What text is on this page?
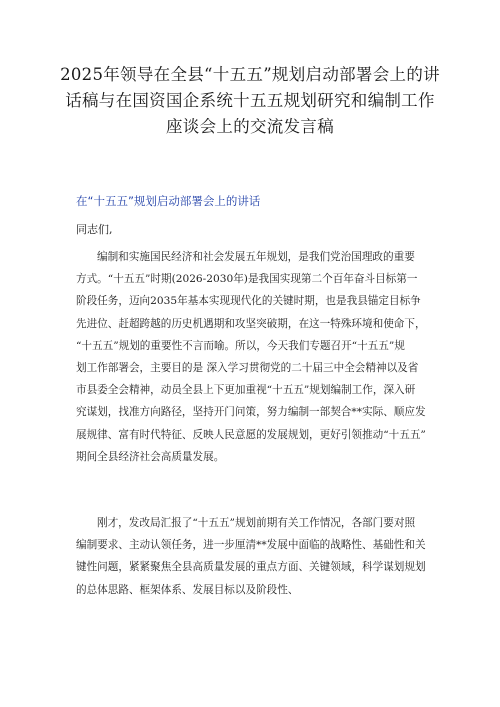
2025年领导在全县“十五五”规划启动部署会上的讲
话稿与在国资国企系统十五五规划研究和编制工作
座谈会上的交流发言稿
在“十五五”规划启动部署会上的讲话
同志们,
编制和实施国民经济和社会发展五年规划，是我们党治国理政的重要
方式。“十五五”时期(2026-2030年)是我国实现第二个百年奋斗目标第一
阶段任务，迈向2035年基本实现现代化的关键时期，也是我县锚定目标争
先进位、赶超跨越的历史机遇期和攻坚突破期，在这一特殊环境和使命下，
“十五五”规划的重要性不言而喻。所以，今天我们专题召开“十五五”规
划工作部署会，主要目的是 深入学习贯彻党的二十届三中全会精神以及省
市县委全会精神，动员全县上下更加重视“十五五”规划编制工作，深入研
究谋划，找准方向路径，坚持开门问策，努力编制一部契合**实际、顺应发
展规律、富有时代特征、反映人民意愿的发展规划，更好引领推动“十五五”
期间全县经济社会高质量发展。
刚才，发改局汇报了“十五五”规划前期有关工作情况，各部门要对照
编制要求、主动认领任务，进一步厘清**发展中面临的战略性、基础性和关
键性问题，紧紧聚焦全县高质量发展的重点方面、关键领域，科学谋划规划
的总体思路、框架体系、发展目标以及阶段性、
